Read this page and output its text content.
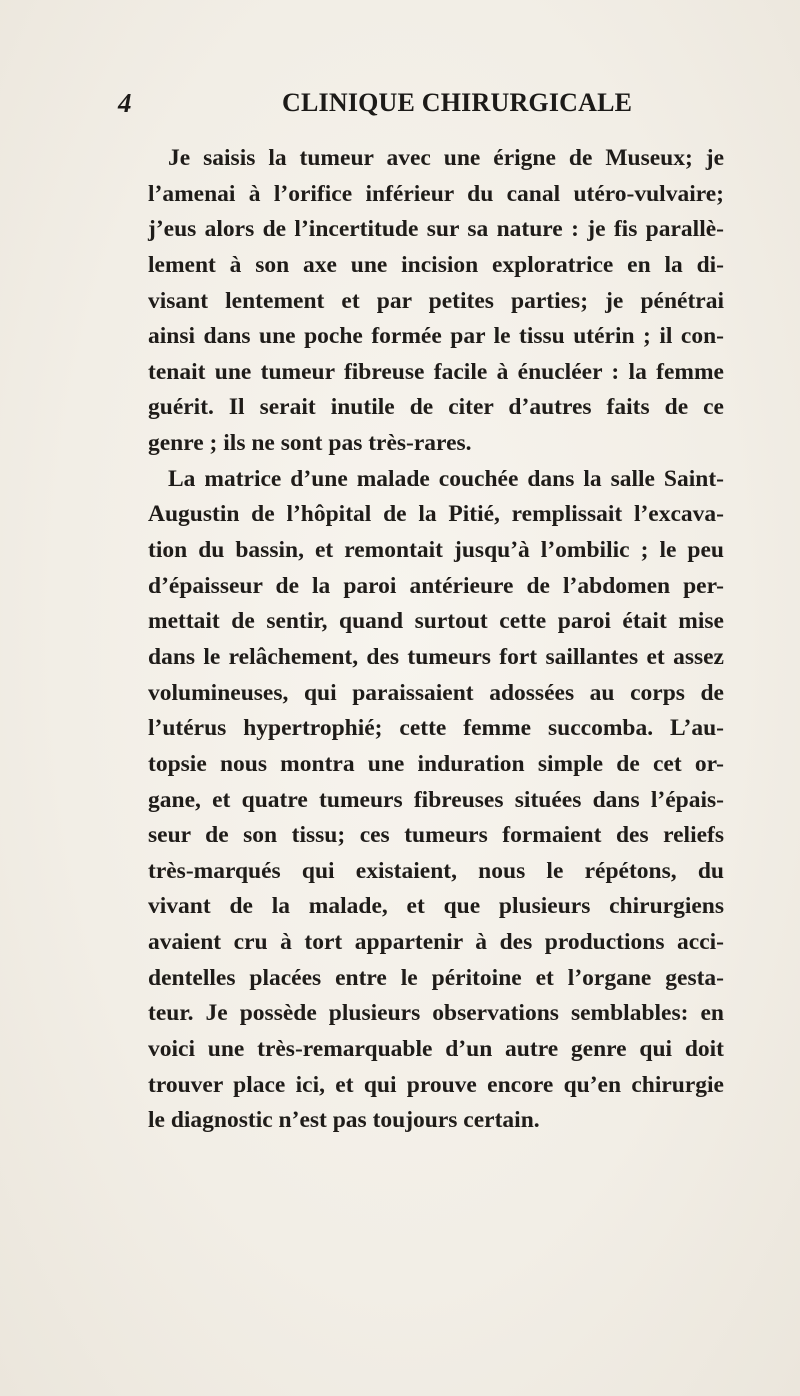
4	CLINIQUE CHIRURGICALE
Je saisis la tumeur avec une érigne de Museux; je
l’amenai à l’orifice inférieur du canal utéro-vulvaire;
j’eus alors de l’incertitude sur sa nature : je fis parallè-
lement à son axe une incision exploratrice en la di-
visant lentement et par petites parties; je pénétrai
ainsi dans une poche formée par le tissu utérin ; il con-
tenait une tumeur fibreuse facile à énucléer : la femme
guérit. Il serait inutile de citer d’autres faits de ce
genre ; ils ne sont pas très-rares.
La matrice d’une malade couchée dans la salle Saint-
Augustin de l’hôpital de la Pitié, remplissait l’excava-
tion du bassin, et remontait jusqu’à l’ombilic ; le peu
d’épaisseur de la paroi antérieure de l’abdomen per-
mettait de sentir, quand surtout cette paroi était mise
dans le relâchement, des tumeurs fort saillantes et assez
volumineuses, qui paraissaient adossées au corps de
l’utérus hypertrophié; cette femme succomba. L’au-
topsie nous montra une induration simple de cet or-
gane, et quatre tumeurs fibreuses situées dans l’épais-
seur de son tissu; ces tumeurs formaient des reliefs
très-marqués qui existaient, nous le répétons, du
vivant de la malade, et que plusieurs chirurgiens
avaient cru à tort appartenir à des productions acci-
dentelles placées entre le péritoine et l’organe gesta-
teur. Je possède plusieurs observations semblables: en
voici une très-remarquable d’un autre genre qui doit
trouver place ici, et qui prouve encore qu’en chirurgie
le diagnostic n’est pas toujours certain.
